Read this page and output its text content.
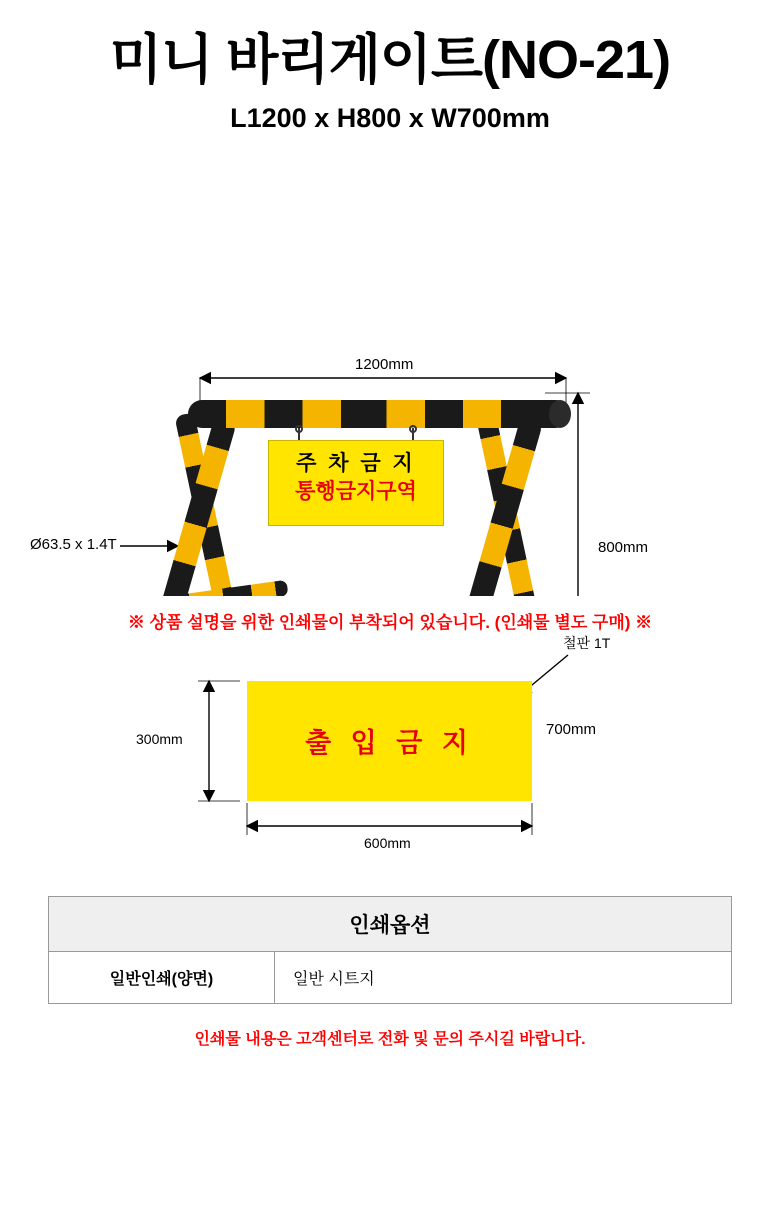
미니 바리게이트(NO-21)
L1200 x H800 x W700mm
주 차 금 지
통행금지구역
1200mm
800mm
700mm
Ø63.5 x 1.4T
※ 상품 설명을 위한 인쇄물이 부착되어 있습니다. (인쇄물 별도 구매) ※
출 입 금 지
300mm
600mm
철판 1T
인쇄옵션
일반인쇄(양면)	일반 시트지
인쇄물 내용은 고객센터로 전화 및 문의 주시길 바랍니다.
